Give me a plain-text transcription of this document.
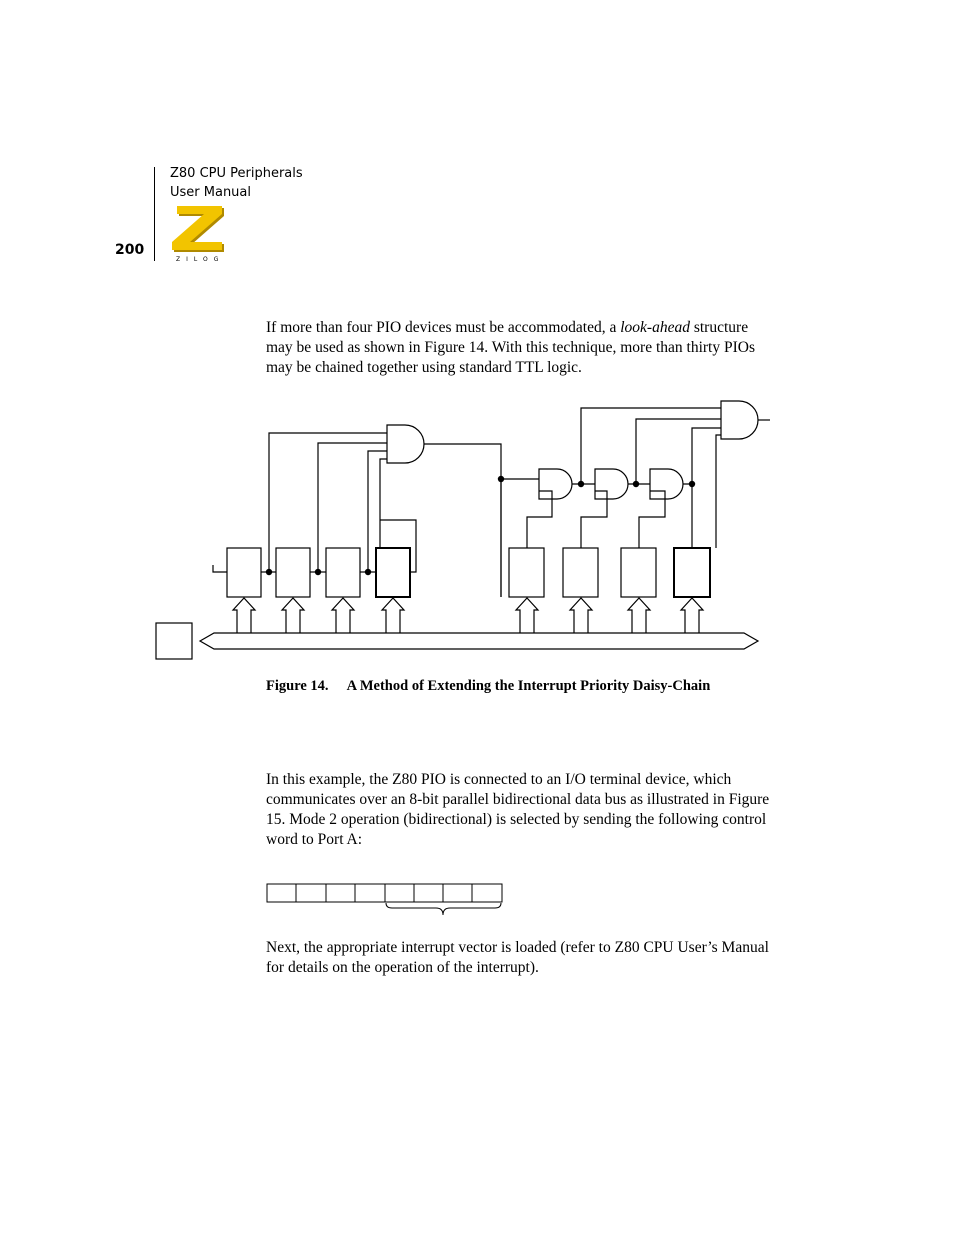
Z80 CPU Peripherals
User Manual
200
ZILOG
If more than four PIO devices must be accommodated, a look-ahead structure may be used as shown in Figure 14. With this technique, more than thirty PIOs may be chained together using standard TTL logic.
Figure 14. A Method of Extending the Interrupt Priority Daisy-Chain
In this example, the Z80 PIO is connected to an I/O terminal device, which communicates over an 8-bit parallel bidirectional data bus as illustrated in Figure 15. Mode 2 operation (bidirectional) is selected by sending the following control word to Port A:
Next, the appropriate interrupt vector is loaded (refer to Z80 CPU User’s Manual for details on the operation of the interrupt).
